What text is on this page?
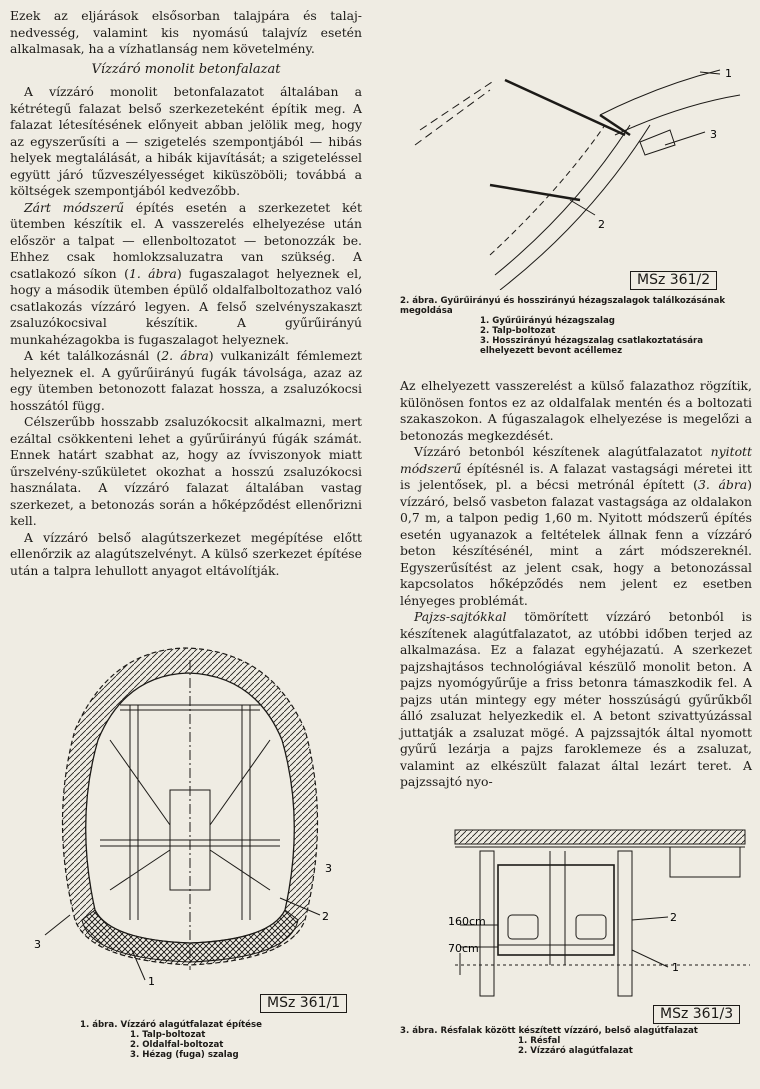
Ezek az eljárások elsősorban talajpára és talaj-nedvesség, valamint kis nyomású talajvíz esetén alkalmasak, ha a vízhatlanság nem követelmény.

Vízzáró monolit betonfalazat

A vízzáró monolit betonfalazatot általában a kétrétegű falazat belső szerkezeteként építik meg. A falazat létesítésének előnyeit abban jelölik meg, hogy az egyszerűsíti a — szigetelés szempontjából — hibás helyek megtalálását, a hibák kijavítását; a szigeteléssel együtt járó tűzveszélyességet kiküszöböli; továbbá a költségek szempontjából kedvezőbb.

Zárt módszerű építés esetén a szerkezetet két ütemben készítik el. A vasszerelés elhelyezése után először a talpat — ellenboltozatot — betonozzák be. Ehhez csak homlokzsaluzatra van szükség. A csatlakozó síkon (1. ábra) fugaszalagot helyeznek el, hogy a második ütemben épülő oldalfalboltozathoz való csatlakozás vízzáró legyen. A felső szelvényszakaszt zsaluzókocsival készítik. A gyűrűirányú munkahézagokba is fugaszalagot helyeznek.

A két találkozásnál (2. ábra) vulkanizált fémlemezt helyeznek el. A gyűrűirányú fugák távolsága, azaz az egy ütemben betonozott falazat hossza, a zsaluzókocsi hosszától függ.

Célszerűbb hosszabb zsaluzókocsit alkalmazni, mert ezáltal csökkenteni lehet a gyűrűirányú fúgák számát. Ennek határt szabhat az, hogy az ívviszonyok miatt űrszelvény-szűkületet okozhat a hosszú zsaluzókocsi használata. A vízzáró falazat általában vastag szerkezet, a betonozás során a hőképződést ellenőrizni kell.

A vízzáró belső alagútszerkezet megépítése előtt ellenőrzik az alagútszelvényt. A külső szerkezet építése után a talpra lehullott anyagot eltávolítják.

Az elhelyezett vasszerelést a külső falazathoz rögzítik, különösen fontos ez az oldalfalak mentén és a boltozati szakaszokon. A fúgaszalagok elhelyezése is megelőzi a betonozás megkezdését.

Vízzáró betonból készítenek alagútfalazatot nyitott módszerű építésnél is. A falazat vastagsági méretei itt is jelentősek, pl. a bécsi metrónál épített (3. ábra) vízzáró, belső vasbeton falazat vastagsága az oldalakon 0,7 m, a talpon pedig 1,60 m. Nyitott módszerű építés esetén ugyanazok a feltételek állnak fenn a vízzáró beton készítésénél, mint a zárt módszereknél. Egyszerűsítést az jelent csak, hogy a betonozással kapcsolatos hőképződés nem jelent ez esetben lényeges problémát.

Pajzs-sajtókkal tömörített vízzáró betonból is készítenek alagútfalazatot, az utóbbi időben terjed az alkalmazása. Ez a falazat egyhéjazatú. A szerkezet pajzshajtásos technológiával készülő monolit beton. A pajzs nyomógyűrűje a friss betonra támaszkodik fel. A pajzs után mintegy egy méter hosszúságú gyűrűkből álló zsaluzat helyezkedik el. A betont szivattyúzással juttatják a zsaluzat mögé. A pajzssajtók által nyomott gyűrű lezárja a pajzs faroklemeze és a zsaluzat, valamint az elkészült falazat által lezárt teret. A pajzssajtó nyo-

1
2
3
MSz 361/2
2. ábra. Gyűrűirányú és hosszirányú hézagszalagok találkozásának megoldása
1. Gyűrűirányú hézagszalag
2. Talp-boltozat
3. Hosszirányú hézagszalag csatlakoztatására elhelyezett bevont acéllemez
1
2
3
3
MSz 361/1
1. ábra. Vízzáró alagútfalazat építése
1. Talp-boltozat
2. Oldalfal-boltozat
3. Hézag (fuga) szalag
160cm	2
1
70cm
MSz 361/3
3. ábra. Résfalak között készített vízzáró, belső alagútfalazat
1. Résfal
2. Vízzáró alagútfalazat
